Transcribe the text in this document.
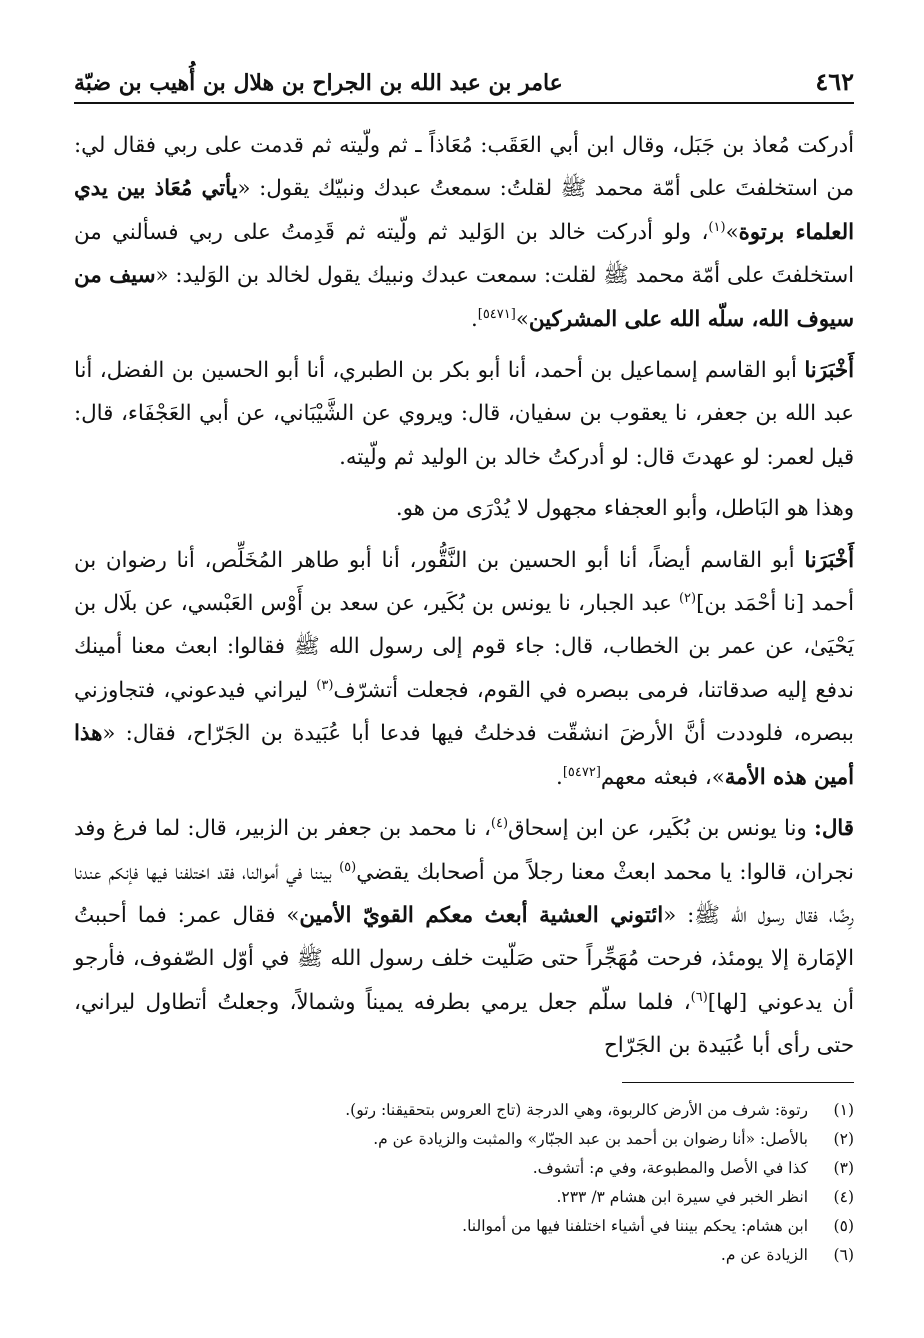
٤٦٢
عامر بن عبد الله بن الجراح بن هلال بن أُهيب بن ضبّة

أدركت مُعاذ بن جَبَل، وقال ابن أبي العَقَب: مُعَاذاً ـ ثم ولّيته ثم قدمت على ربي فقال لي: من استخلفتَ على أمّة محمد ﷺ لقلتُ: سمعتُ عبدك ونبيّك يقول: «يأتي مُعَاذ بين يدي العلماء برتوة»$^{(١)}$، ولو أدركت خالد بن الوَليد ثم ولّيته ثم قَدِمتُ على ربي فسألني من استخلفتَ على أمّة محمد ﷺ لقلت: سمعت عبدك ونبيك يقول لخالد بن الوَليد: «سيف من سيوف الله، سلّه الله على المشركين»[٥٤٧١].

أَخْبَرَنا أبو القاسم إسماعيل بن أحمد، أنا أبو بكر بن الطبري، أنا أبو الحسين بن الفضل، أنا عبد الله بن جعفر، نا يعقوب بن سفيان، قال: ويروي عن الشَّيْبَاني، عن أبي العَجْفَاء، قال: قيل لعمر: لو عهدتَ قال: لو أدركتُ خالد بن الوليد ثم ولّيته.

وهذا هو البَاطل، وأبو العجفاء مجهول لا يُدْرَى من هو.

أَخْبَرَنا أبو القاسم أيضاً، أنا أبو الحسين بن النَّقُّور، أنا أبو طاهر المُخَلِّص، أنا رضوان بن أحمد [نا أحْمَد بن]$^{(٢)}$ عبد الجبار، نا يونس بن بُكَير، عن سعد بن أَوْس العَبْسي، عن بلَال بن يَحْيَىٰ، عن عمر بن الخطاب، قال: جاء قوم إلى رسول الله ﷺ فقالوا: ابعث معنا أمينك ندفع إليه صدقاتنا، فرمى ببصره في القوم، فجعلت أتشرّف$^{(٣)}$ ليراني فيدعوني، فتجاوزني ببصره، فلوددت أنَّ الأرضَ انشقّت فدخلتُ فيها فدعا أبا عُبَيدة بن الجَرّاح، فقال: «هذا أمين هذه الأمة»، فبعثه معهم[٥٤٧٢].

قال: ونا يونس بن بُكَير، عن ابن إسحاق$^{(٤)}$، نا محمد بن جعفر بن الزبير، قال: لما فرغ وفد نجران، قالوا: يا محمد ابعثْ معنا رجلاً من أصحابك يقضي$^{(٥)}$ بيننا في أموالنا، فقد اختلفنا فيها فإنكم عندنا رِضًا، فقال رسول الله ﷺ: «ائتوني العشية أبعث معكم القويّ الأمين» فقال عمر: فما أحببتُ الإمَارة إلا يومئذ، فرحت مُهَجِّراً حتى صَلّيت خلف رسول الله ﷺ في أوّل الصّفوف، فأرجو أن يدعوني [لها]$^{(٦)}$، فلما سلّم جعل يرمي بطرفه يميناً وشمالاً، وجعلتُ أتطاول ليراني، حتى رأى أبا عُبَيدة بن الجَرّاح

(١)
رتوة: شرف من الأرض كالربوة، وهي الدرجة (تاج العروس بتحقيقنا: رتو).
(٢)
بالأصل: «أنا رضوان بن أحمد بن عبد الجبّار» والمثبت والزيادة عن م.
(٣)
كذا في الأصل والمطبوعة، وفي م: أتشوف.
(٤)
انظر الخبر في سيرة ابن هشام ٣/ ٢٣٣.
(٥)
ابن هشام: يحكم بيننا في أشياء اختلفنا فيها من أموالنا.
(٦)
الزيادة عن م.
